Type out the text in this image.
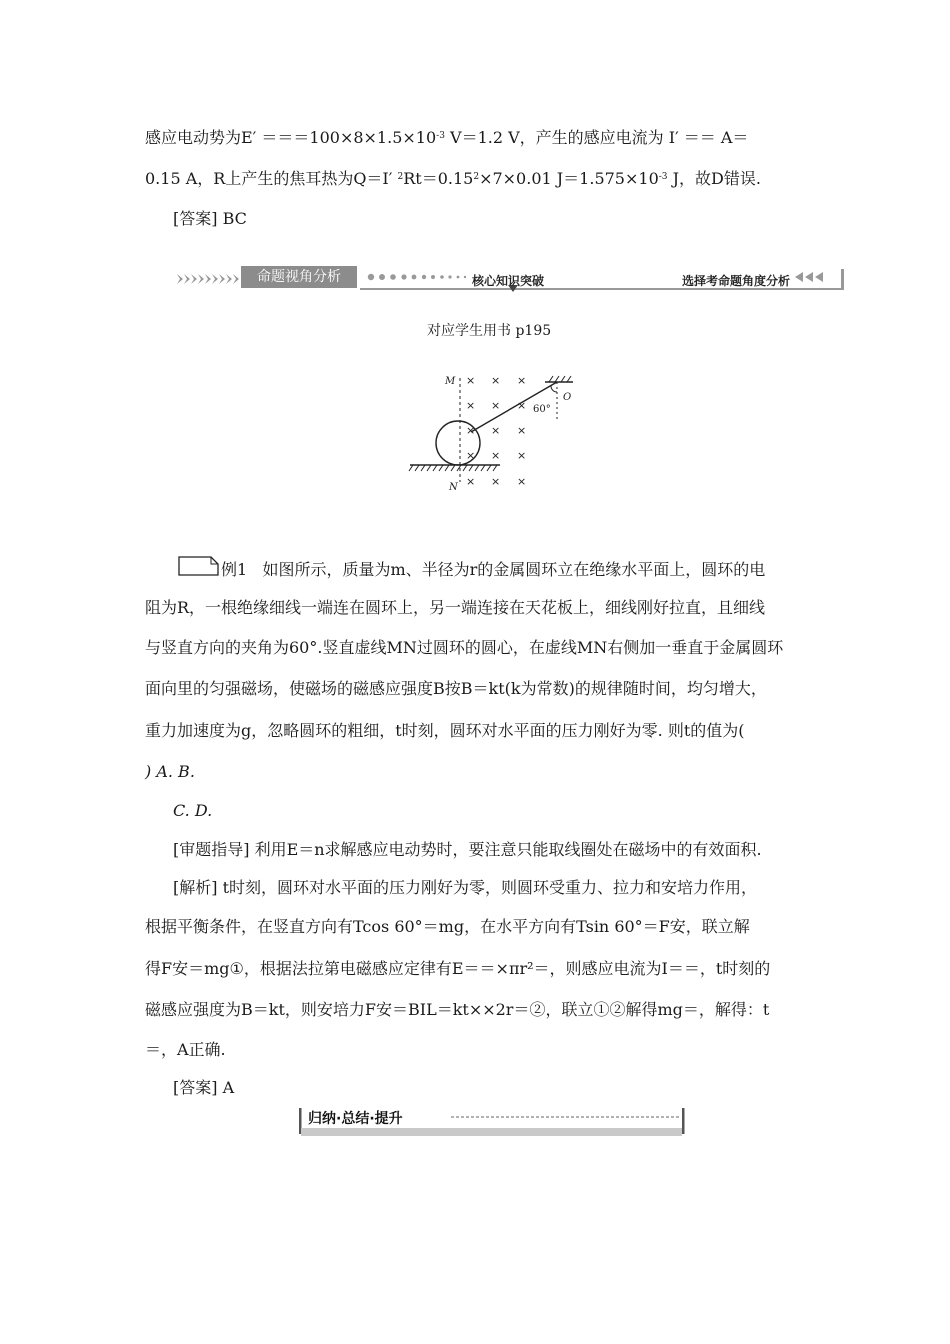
感应电动势为$E' ===100\times 8\times 1.5\times 10^{-3}$ V＝1.2 V，产生的感应电流为 I′ ＝＝ A＝
0.15 A，R上产生的焦耳热为Q＝I′ $^2Rt=0.15^2\times 7\times 0.01$ $J=1.575\times 10^{-3}$ J，故D错误.
[答案] BC
命题视角分析	核心知识突破	选择考命题角度分析
对应学生用书 p195
× × ×
× × ×
× × ×
× × ×
× × ×
M
N
O
60°
例1 如图所示，质量为m、半径为r的金属圆环立在绝缘水平面上，圆环的电
阻为R，一根绝缘细线一端连在圆环上，另一端连接在天花板上，细线刚好拉直，且细线
与竖直方向的夹角为60°.竖直虚线MN过圆环的圆心，在虚线MN右侧加一垂直于金属圆环
面向里的匀强磁场，使磁场的磁感应强度B按B＝kt(k为常数)的规律随时间，均匀增大，
重力加速度为g，忽略圆环的粗细，t时刻，圆环对水平面的压力刚好为零. 则t的值为(
) A. B.
C. D.
[审题指导] 利用E＝n求解感应电动势时，要注意只能取线圈处在磁场中的有效面积.
[解析] t时刻，圆环对水平面的压力刚好为零，则圆环受重力、拉力和安培力作用，
根据平衡条件，在竖直方向有Tcos 60°＝mg，在水平方向有Tsin 60°＝F安，联立解
得F安＝mg①，根据法拉第电磁感应定律有E＝＝×πr²＝，则感应电流为I＝＝，t时刻的
磁感应强度为B＝kt，则安培力F安＝BIL＝kt××2r＝②，联立①②解得mg＝，解得：t
＝，A正确.
[答案] A
归纳·总结·提升
